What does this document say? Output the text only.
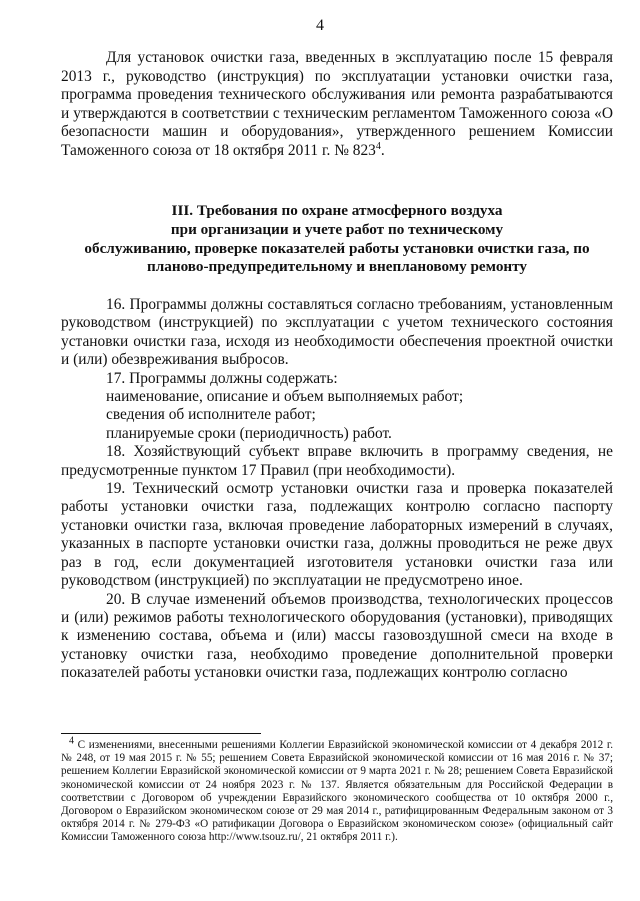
4

Для установок очистки газа, введенных в эксплуатацию после 15 февраля 2013 г., руководство (инструкция) по эксплуатации установки очистки газа, программа проведения технического обслуживания или ремонта разрабатываются и утверждаются в соответствии с техническим регламентом Таможенного союза «О безопасности машин и оборудования», утвержденного решением Комиссии Таможенного союза от 18 октября 2011 г. № $823^4$.

III. Требования по охране атмосферного воздуха
при организации и учете работ по техническому
обслуживанию, проверке показателей работы установки очистки газа, по
планово-предупредительному и внеплановому ремонту

16. Программы должны составляться согласно требованиям, установленным руководством (инструкцией) по эксплуатации с учетом технического состояния установки очистки газа, исходя из необходимости обеспечения проектной очистки и (или) обезвреживания выбросов.

17. Программы должны содержать:

наименование, описание и объем выполняемых работ;

сведения об исполнителе работ;

планируемые сроки (периодичность) работ.

18. Хозяйствующий субъект вправе включить в программу сведения, не предусмотренные пунктом 17 Правил (при необходимости).

19. Технический осмотр установки очистки газа и проверка показателей работы установки очистки газа, подлежащих контролю согласно паспорту установки очистки газа, включая проведение лабораторных измерений в случаях, указанных в паспорте установки очистки газа, должны проводиться не реже двух раз в год, если документацией изготовителя установки очистки газа или руководством (инструкцией) по эксплуатации не предусмотрено иное.

20. В случае изменений объемов производства, технологических процессов и (или) режимов работы технологического оборудования (установки), приводящих к изменению состава, объема и (или) массы газовоздушной смеси на входе в установку очистки газа, необходимо проведение дополнительной проверки показателей работы установки очистки газа, подлежащих контролю согласно

$^4$ С изменениями, внесенными решениями Коллегии Евразийской экономической комиссии от 4 декабря 2012 г. № 248, от 19 мая 2015 г. № 55; решением Совета Евразийской экономической комиссии от 16 мая 2016 г. № 37; решением Коллегии Евразийской экономической комиссии от 9 марта 2021 г. № 28; решением Совета Евразийской экономической комиссии от 24 ноября 2023 г. № 137. Является обязательным для Российской Федерации в соответствии с Договором об учреждении Евразийского экономического сообщества от 10 октября 2000 г., Договором о Евразийском экономическом союзе от 29 мая 2014 г., ратифицированным Федеральным законом от 3 октября 2014 г. № 279-ФЗ «О ратификации Договора о Евразийском экономическом союзе» (официальный сайт Комиссии Таможенного союза http://www.tsouz.ru/, 21 октября 2011 г.).
